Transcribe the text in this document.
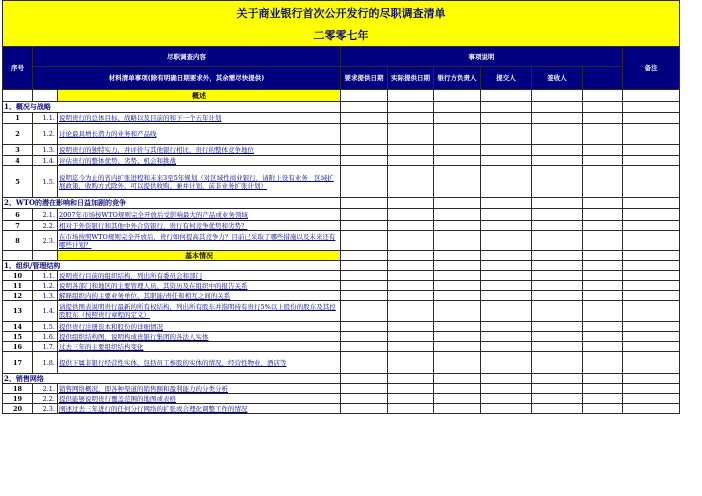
关于商业银行首次公开发行的尽职调查清单									
二零零七年									
序号	尽职调查内容		事项说明						备注
	材料清单事项(除有明确日期要求外，其余需尽快提供)		要求提供日期	实际提供日期	银行方负责人	提交人	签收人		
		概述							
1、概况与战略									
1	1.1.	说明贵行的总体目标、战略以及目前的和下一个五年计划							
2	1.2.	讨论最具增长潜力的业务和产品线							
3	1.3.	说明贵行的独特实力，并评价与其他银行相比，贵行的整体竞争地位							
4	1.4.	评估贵行的整体优势、劣势、机会和挑战							
5	1.5.	说明迄今为止的省内扩张进程和未来3至5年规划（对区域性商业银行，请附上设有业务　区域扩展政策，收购方式除外，可以提供收购、兼并计划、前非业务扩张计划）							
2、WTO的潜在影响和日益加剧的竞争									
6	2.1.	2007年市场按WTO规则完全开放后受影响最大的产品或业务领域							
7	2.2.	相对于外资银行和其他中外合资银行，贵行有何竞争优势和劣势？							
8	2.3.	在市场按照WTO规则完全开放后，贵行如何提高其竞争力？目前已采取了哪些措施以及未来还有哪些计划？							
		基本情况							
1、组织/管理结构									
10	1.1.	说明贵行目前的组织结构，列出所有委员会和部门							
11	1.2.	说明各部门和地区的主要管理人员、其资历及在组织中的报告关系							
12	1.3.	解释组织内的主要业务单位、其职能/责任和相互之间的关系							
13	1.4.	请提供图表说明贵行最新的所有权结构，列出所有股东并指明持有贵行5%以上股份的股东及其控股股东（按照贵行章程的定义）							
14	1.5.	提供贵行注册资本和股份的详细情况							
15	1.6.	提供组织结构图，说明构成贵银行集团的各法人实体							
16	1.7.	过去三年的主要组织结构变化							
17	1.8.	提供下属非银行经营性实体，包括员工参股的实体的情况、经营性物业、酒店等							
2、销售网络									
18	2.1.	销售网络概况，即各种渠道的销售额和盈利能力的分类分析							
19	2.2.	提供能够说明贵行覆盖范围的地图或表格							
20	2.3.	阐述过去三年进行的任何分行网络的扩张或合理化调整工作的情况							
